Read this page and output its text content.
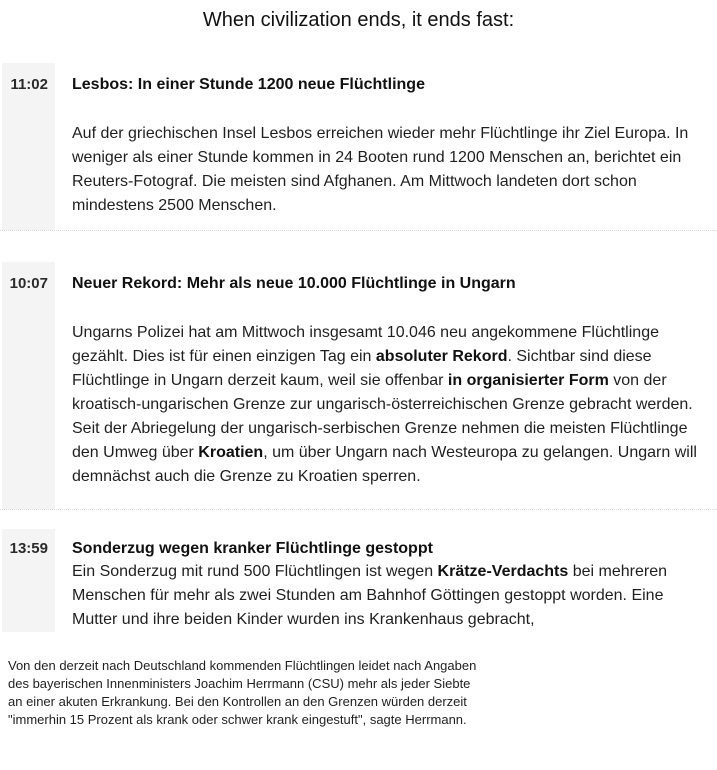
When civilization ends, it ends fast:
11:02	Lesbos: In einer Stunde 1200 neue Flüchtlinge
Auf der griechischen Insel Lesbos erreichen wieder mehr Flüchtlinge ihr Ziel Europa. In weniger als einer Stunde kommen in 24 Booten rund 1200 Menschen an, berichtet ein Reuters-Fotograf. Die meisten sind Afghanen. Am Mittwoch landeten dort schon mindestens 2500 Menschen.
10:07	Neuer Rekord: Mehr als neue 10.000 Flüchtlinge in Ungarn
Ungarns Polizei hat am Mittwoch insgesamt 10.046 neu angekommene Flüchtlinge gezählt. Dies ist für einen einzigen Tag ein absoluter Rekord. Sichtbar sind diese Flüchtlinge in Ungarn derzeit kaum, weil sie offenbar in organisierter Form von der kroatisch-ungarischen Grenze zur ungarisch-österreichischen Grenze gebracht werden. Seit der Abriegelung der ungarisch-serbischen Grenze nehmen die meisten Flüchtlinge den Umweg über Kroatien, um über Ungarn nach Westeuropa zu gelangen. Ungarn will demnächst auch die Grenze zu Kroatien sperren.
13:59	Sonderzug wegen kranker Flüchtlinge gestoppt
Ein Sonderzug mit rund 500 Flüchtlingen ist wegen Krätze-Verdachts bei mehreren Menschen für mehr als zwei Stunden am Bahnhof Göttingen gestoppt worden. Eine Mutter und ihre beiden Kinder wurden ins Krankenhaus gebracht,
Von den derzeit nach Deutschland kommenden Flüchtlingen leidet nach Angaben des bayerischen Innenministers Joachim Herrmann (CSU) mehr als jeder Siebte an einer akuten Erkrankung. Bei den Kontrollen an den Grenzen würden derzeit "immerhin 15 Prozent als krank oder schwer krank eingestuft", sagte Herrmann.
